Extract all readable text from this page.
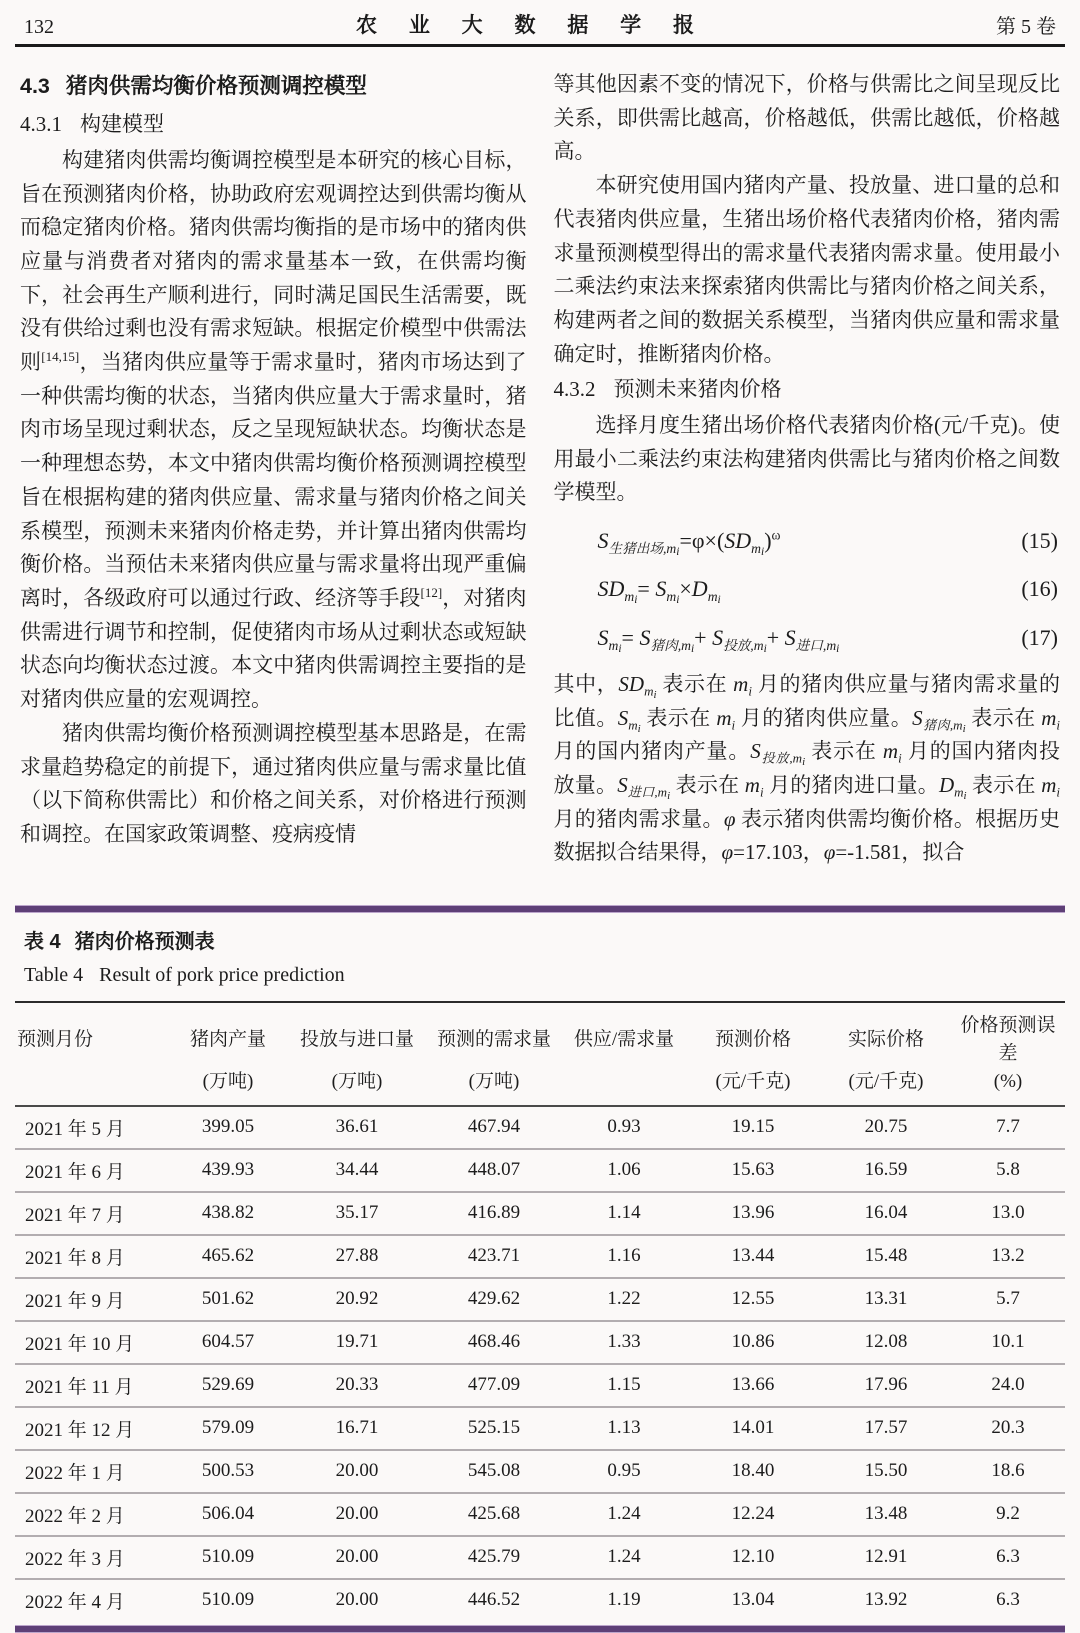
132	农 业 大 数 据 学 报	第 5 卷
4.3 猪肉供需均衡价格预测调控模型
4.3.1 构建模型

构建猪肉供需均衡调控模型是本研究的核心目标，旨在预测猪肉价格，协助政府宏观调控达到供需均衡从而稳定猪肉价格。猪肉供需均衡指的是市场中的猪肉供应量与消费者对猪肉的需求量基本一致，在供需均衡下，社会再生产顺利进行，同时满足国民生活需要，既没有供给过剩也没有需求短缺。根据定价模型中供需法则[14,15]，当猪肉供应量等于需求量时，猪肉市场达到了一种供需均衡的状态，当猪肉供应量大于需求量时，猪肉市场呈现过剩状态，反之呈现短缺状态。均衡状态是一种理想态势，本文中猪肉供需均衡价格预测调控模型旨在根据构建的猪肉供应量、需求量与猪肉价格之间关系模型，预测未来猪肉价格走势，并计算出猪肉供需均衡价格。当预估未来猪肉供应量与需求量将出现严重偏离时，各级政府可以通过行政、经济等手段[12]，对猪肉供需进行调节和控制，促使猪肉市场从过剩状态或短缺状态向均衡状态过渡。本文中猪肉供需调控主要指的是对猪肉供应量的宏观调控。

猪肉供需均衡价格预测调控模型基本思路是，在需求量趋势稳定的前提下，通过猪肉供应量与需求量比值（以下简称供需比）和价格之间关系，对价格进行预测和调控。在国家政策调整、疫病疫情

等其他因素不变的情况下，价格与供需比之间呈现反比关系，即供需比越高，价格越低，供需比越低，价格越高。

本研究使用国内猪肉产量、投放量、进口量的总和代表猪肉供应量，生猪出场价格代表猪肉价格，猪肉需求量预测模型得出的需求量代表猪肉需求量。使用最小二乘法约束法来探索猪肉供需比与猪肉价格之间关系，构建两者之间的数据关系模型，当猪肉供应量和需求量确定时，推断猪肉价格。

4.3.2 预测未来猪肉价格

选择月度生猪出场价格代表猪肉价格(元/千克)。使用最小二乘法约束法构建猪肉供需比与猪肉价格之间数学模型。

$S_{生猪出场,mi}=\varphi\times(SD_{mi})^\omega$	(15)
$SD_{mi}= S_{mi}\times D_{mi}$	(16)
$S_{mi}= S_{猪肉,mi}+ S_{投放,mi}+ S_{进口,mi}$	(17)

其中，$SD_{mi}$ 表示在 $m_i$ 月的猪肉供应量与猪肉需求量的比值。$S_{mi}$ 表示在 $m_i$ 月的猪肉供应量。$S_{猪肉,mi}$ 表示在 $m_i$ 月的国内猪肉产量。$S_{投放,mi}$ 表示在 $m_i$ 月的国内猪肉投放量。$S_{进口,mi}$ 表示在 $m_i$ 月的猪肉进口量。$D_{mi}$ 表示在 $m_i$ 月的猪肉需求量。φ 表示猪肉供需均衡价格。根据历史数据拟合结果得，φ=17.103，φ=-1.581，拟合

表 4 猪肉价格预测表
Table 4 Result of pork price prediction
预测月份	猪肉产量	投放与进口量	预测的需求量	供应/需求量	预测价格	实际价格	价格预测误差
	(万吨)	(万吨)	(万吨)		(元/千克)	(元/千克)	(%)
2021 年 5 月	399.05	36.61	467.94	0.93	19.15	20.75	7.7
2021 年 6 月	439.93	34.44	448.07	1.06	15.63	16.59	5.8
2021 年 7 月	438.82	35.17	416.89	1.14	13.96	16.04	13.0
2021 年 8 月	465.62	27.88	423.71	1.16	13.44	15.48	13.2
2021 年 9 月	501.62	20.92	429.62	1.22	12.55	13.31	5.7
2021 年 10 月	604.57	19.71	468.46	1.33	10.86	12.08	10.1
2021 年 11 月	529.69	20.33	477.09	1.15	13.66	17.96	24.0
2021 年 12 月	579.09	16.71	525.15	1.13	14.01	17.57	20.3
2022 年 1 月	500.53	20.00	545.08	0.95	18.40	15.50	18.6
2022 年 2 月	506.04	20.00	425.68	1.24	12.24	13.48	9.2
2022 年 3 月	510.09	20.00	425.79	1.24	12.10	12.91	6.3
2022 年 4 月	510.09	20.00	446.52	1.19	13.04	13.92	6.3
